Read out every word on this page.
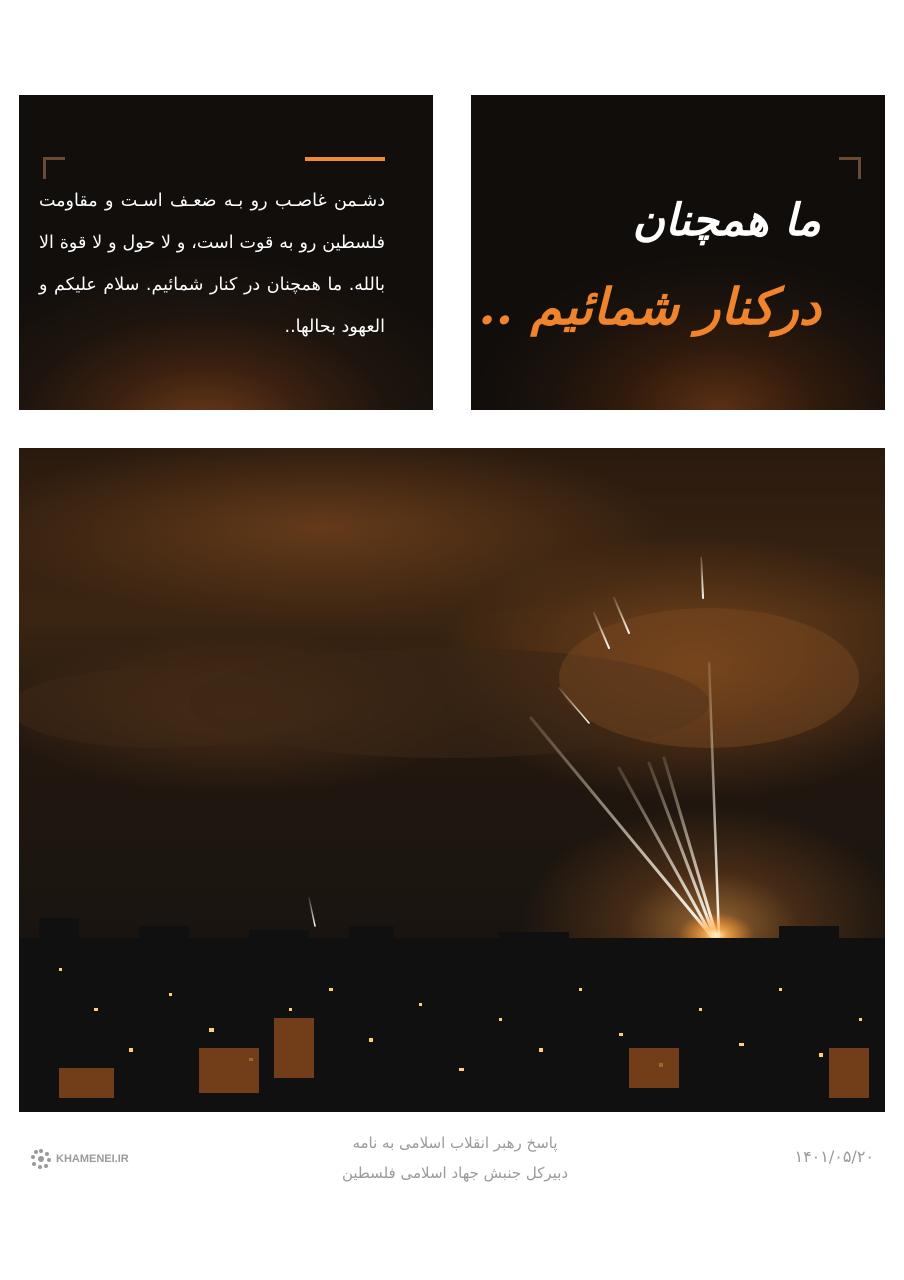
دشـمن غاصـب رو بـه ضعـف اسـت و مقاومت فلسطین رو به قوت است، و لا حول و لا قوة الا بالله. ما همچنان در کنار شمائیم. سلام علیکم و العهود بحالها..

ما همچنان
درکنار شمائیم ..
KHAMENEI.IR
پاسخ رهبر انقلاب اسلامی به نامه
دبیرکل جنبش جهاد اسلامی فلسطین
۱۴۰۱/۰۵/۲۰
